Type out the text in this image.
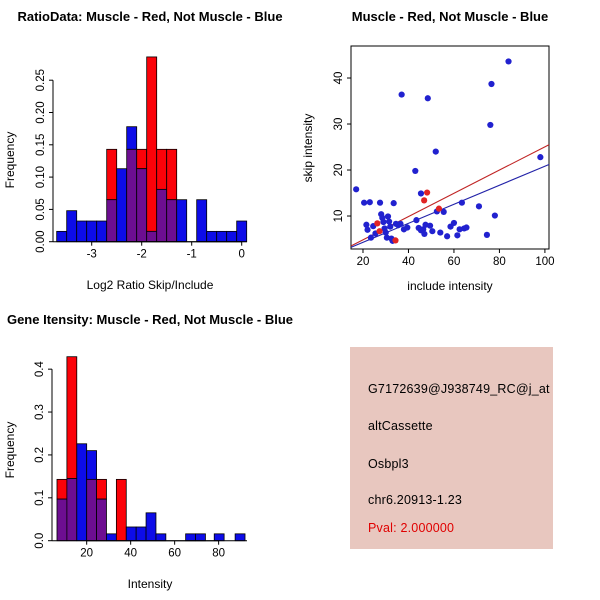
-3	-2	-1	0
0.00
0.05
0.10
0.15
0.20
0.25
RatioData: Muscle - Red, Not Muscle - Blue
Log2 Ratio Skip/Include
Frequency
20	40	60	80	100
10
20
30
40
Muscle - Red, Not Muscle - Blue
include intensity
skip intensity
20	40	60	80
0.0
0.1
0.2
0.3
0.4
Gene Itensity: Muscle - Red, Not Muscle - Blue
Intensity
Frequency
G7172639@J938749_RC@j_at
altCassette
Osbpl3
chr6.20913-1.23
Pval: 2.000000
